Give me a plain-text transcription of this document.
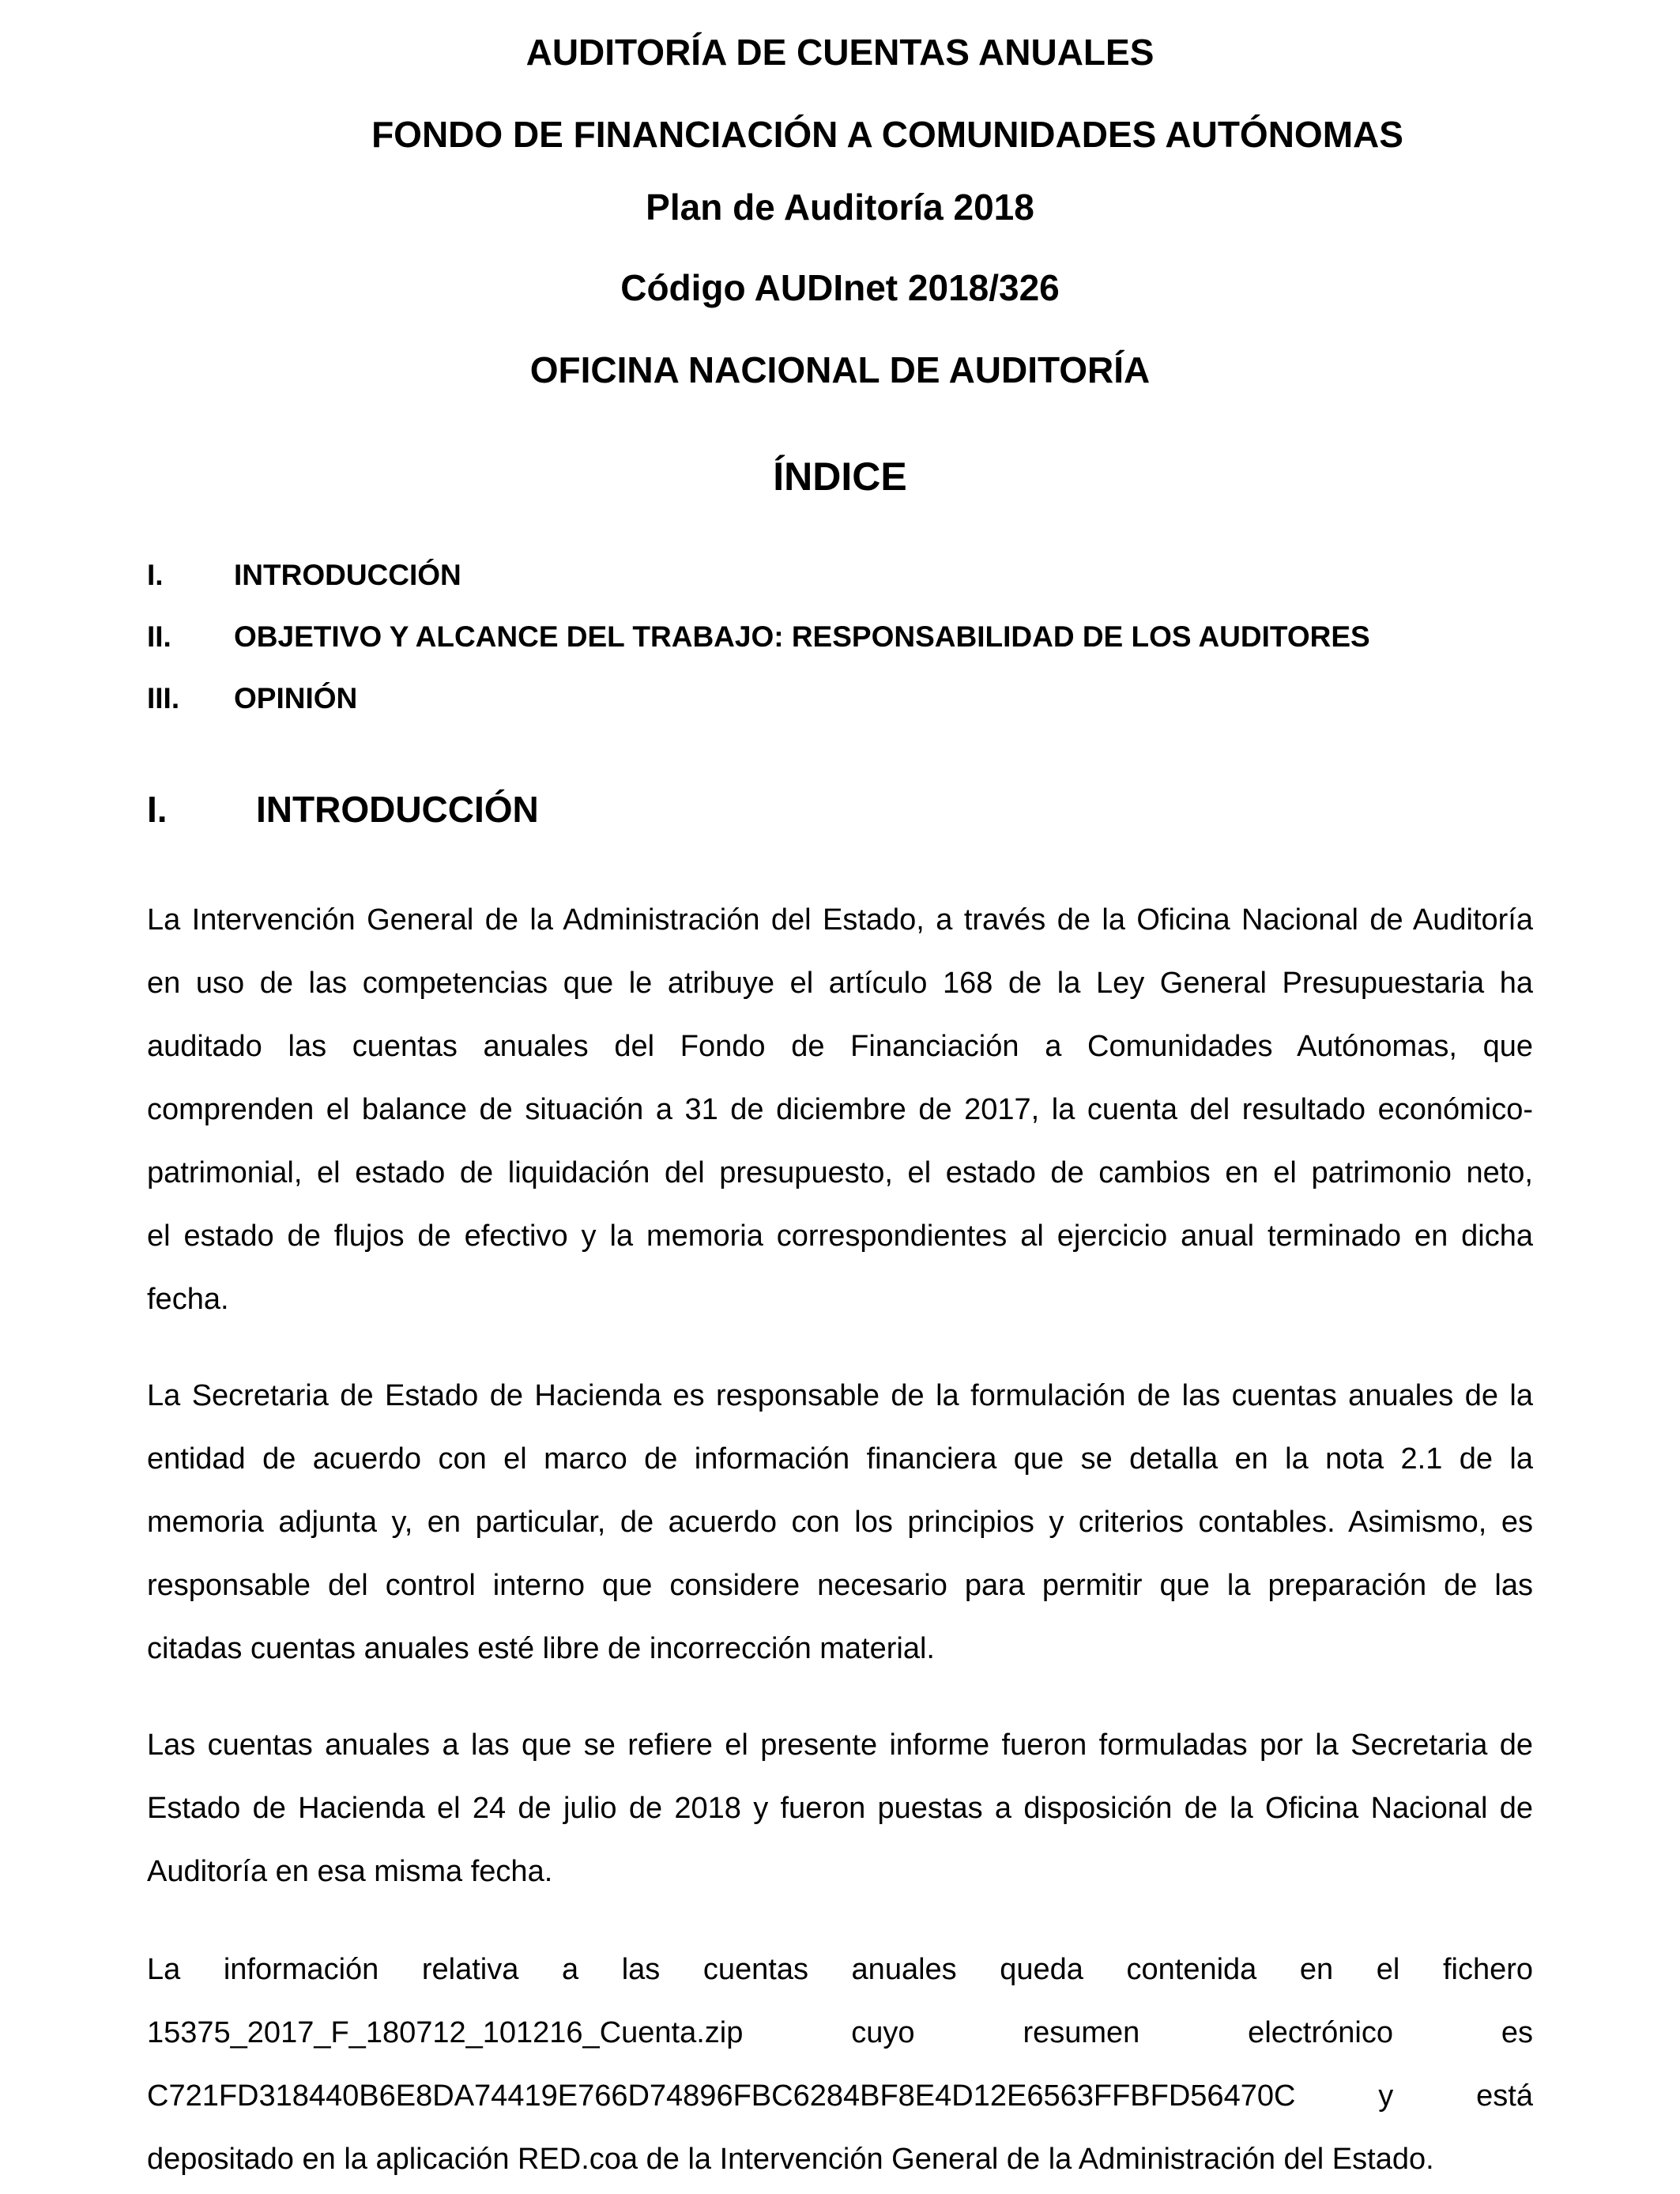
AUDITORÍA DE CUENTAS ANUALES
FONDO DE FINANCIACIÓN A COMUNIDADES AUTÓNOMAS
Plan de Auditoría 2018
Código AUDInet 2018/326
OFICINA NACIONAL DE AUDITORÍA
ÍNDICE
I. INTRODUCCIÓN
II. OBJETIVO Y ALCANCE DEL TRABAJO: RESPONSABILIDAD DE LOS AUDITORES
III. OPINIÓN
I. INTRODUCCIÓN
La Intervención General de la Administración del Estado, a través de la Oficina Nacional de Auditoría
en uso de las competencias que le atribuye el artículo 168 de la Ley General Presupuestaria ha
auditado las cuentas anuales del Fondo de Financiación a Comunidades Autónomas, que
comprenden el balance de situación a 31 de diciembre de 2017, la cuenta del resultado económico-
patrimonial, el estado de liquidación del presupuesto, el estado de cambios en el patrimonio neto,
el estado de flujos de efectivo y la memoria correspondientes al ejercicio anual terminado en dicha
fecha.
La Secretaria de Estado de Hacienda es responsable de la formulación de las cuentas anuales de la
entidad de acuerdo con el marco de información financiera que se detalla en la nota 2.1 de la
memoria adjunta y, en particular, de acuerdo con los principios y criterios contables. Asimismo, es
responsable del control interno que considere necesario para permitir que la preparación de las
citadas cuentas anuales esté libre de incorrección material.
Las cuentas anuales a las que se refiere el presente informe fueron formuladas por la Secretaria de
Estado de Hacienda el 24 de julio de 2018 y fueron puestas a disposición de la Oficina Nacional de
Auditoría en esa misma fecha.
La información relativa a las cuentas anuales queda contenida en el fichero
15375_2017_F_180712_101216_Cuenta.zip cuyo resumen electrónico es
C721FD318440B6E8DA74419E766D74896FBC6284BF8E4D12E6563FFBFD56470C y está
depositado en la aplicación RED.coa de la Intervención General de la Administración del Estado.
